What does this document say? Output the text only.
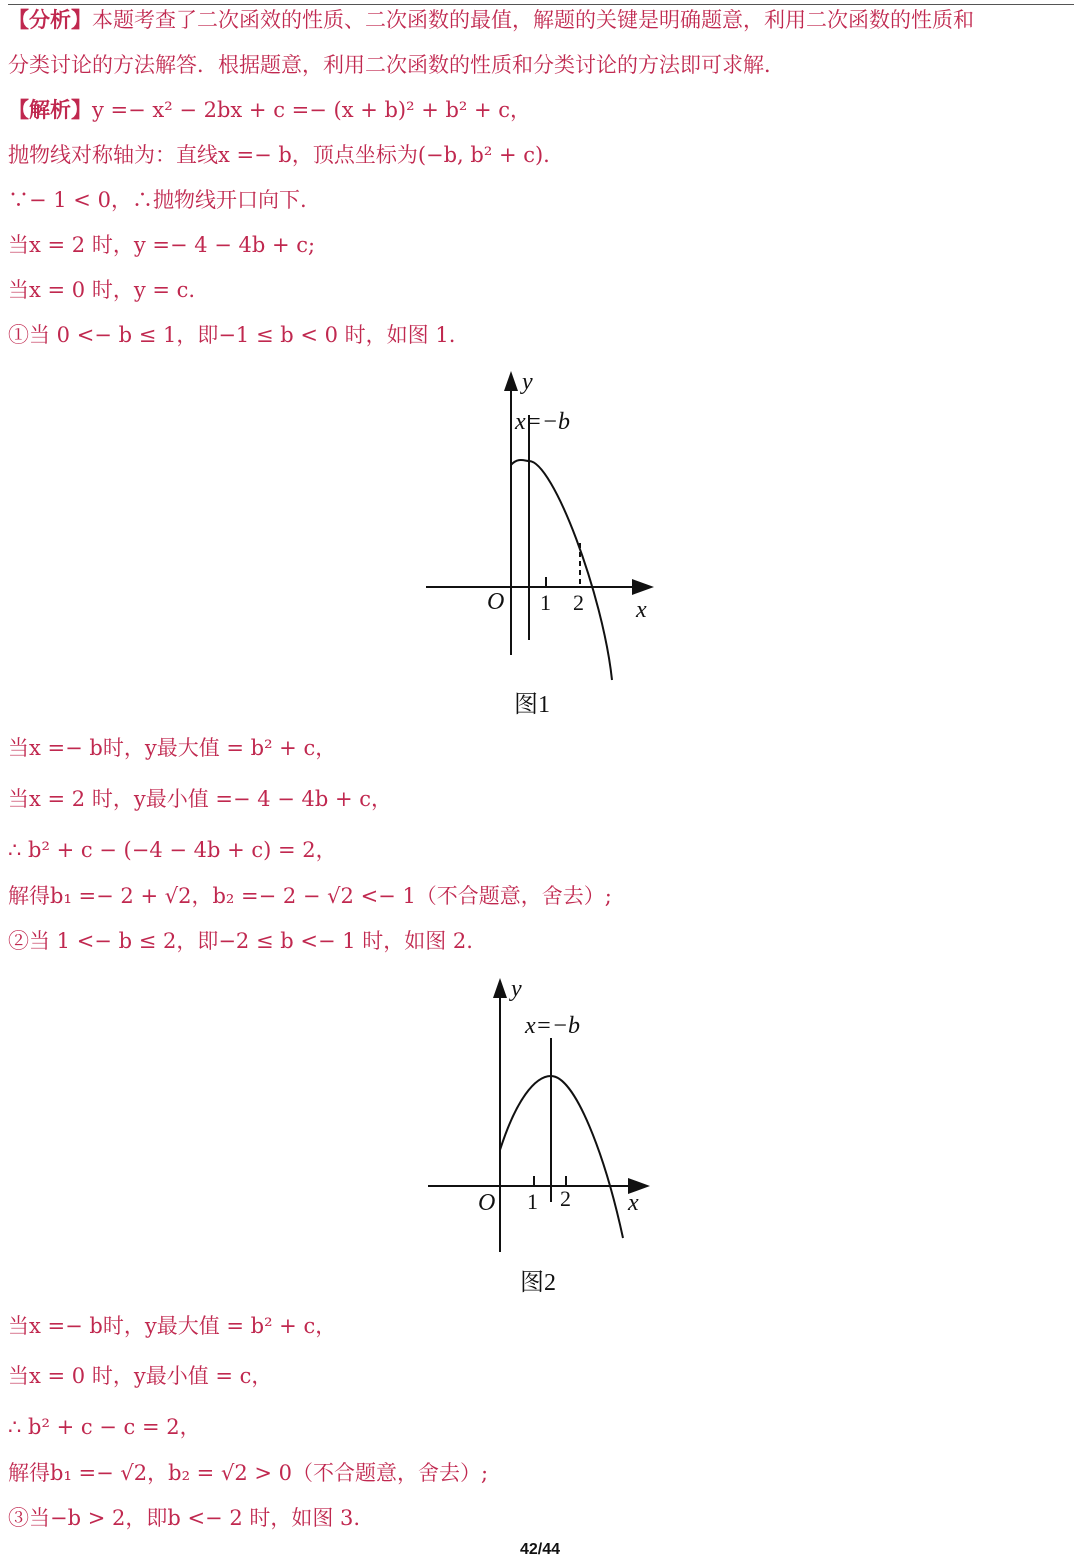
【分析】本题考查了二次函效的性质、二次函数的最值，解题的关键是明确题意，利用二次函数的性质和
分类讨论的方法解答．根据题意，利用二次函数的性质和分类讨论的方法即可求解．
【解析】y =− x² − 2bx + c =− (x + b)² + b² + c，
抛物线对称轴为：直线x =− b，顶点坐标为(−b, b² + c).
∵− 1 < 0，∴抛物线开口向下.
当x = 2 时，y =− 4 − 4b + c;
当x = 0 时，y = c.
①当 0 <− b ≤ 1，即−1 ≤ b < 0 时，如图 1.
y
x=−b
O 1 2 x
图1
当x =− b时，y最大值 = b² + c，
当x = 2 时，y最小值 =− 4 − 4b + c，
∴ b² + c − (−4 − 4b + c) = 2，
解得b₁ =− 2 + √2，b₂ =− 2 − √2 <− 1（不合题意，舍去）;
②当 1 <− b ≤ 2，即−2 ≤ b <− 1 时，如图 2.
y
x=−b
O 1 2 x
图2
当x =− b时，y最大值 = b² + c，
当x = 0 时，y最小值 = c，
∴ b² + c − c = 2，
解得b₁ =− √2，b₂ = √2 > 0（不合题意，舍去）;
③当−b > 2，即b <− 2 时，如图 3.
42/44
